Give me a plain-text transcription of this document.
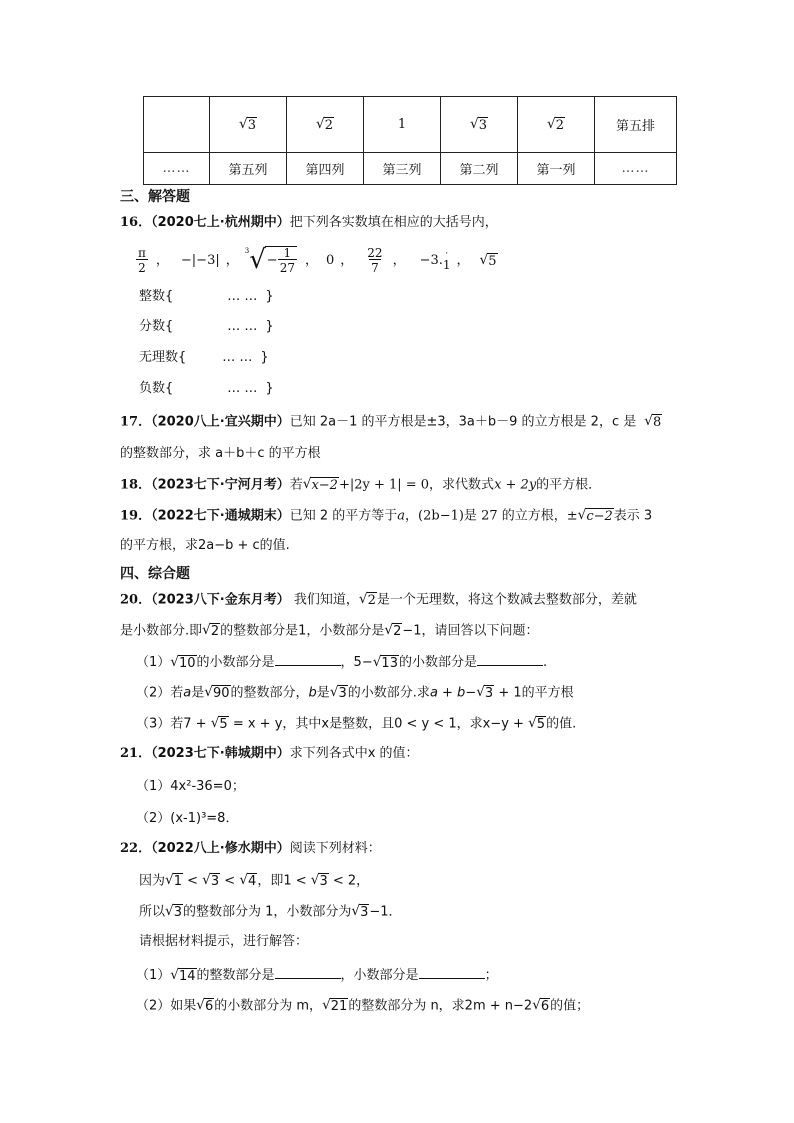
	√ 3	√ 2	1	√ 3	√ 2	第五排
……	第五列	第四列	第三列	第二列	第一列	……
三、解答题
16．（2020七上·杭州期中）把下列各实数填在相应的大括号内，
$\frac{\pi}{2}$ ， −|−3| ，
3 √ − $\frac{1}{27}$ ， 0 ， $\frac{22}{7}$ ， −3. ·
1 ， √ 5
整数{	… … }
分数{	… … }
无理数{	… … }
负数{	… … }
17．（2020八上·宜兴期中）已知 2a－1 的平方根是±3，3a＋b－9 的立方根是 2，c 是 √ 8
的整数部分，求 a＋b＋c 的平方根
18．（2023七下·宁河月考）若 √ x−2 +|2y + 1| = 0，求代数式x + 2y的平方根．
19．（2022七下·通城期末）已知 2 的平方等于a，(2b−1)是 27 的立方根，± √ c−2 表示 3
的平方根，求2a−b + c的值.
四、综合题
20．（2023八下·金东月考） 我们知道， √ 2 是一个无理数，将这个数减去整数部分，差就
是小数部分.即 √ 2 的整数部分是1，小数部分是 √ 2 −1，请回答以下问题：
（1） √ 10 的小数部分是	，5− √ 13 的小数部分是	.
（2）若a是 √ 90 的整数部分，b是 √ 3 的小数部分.求a + b− √ 3 + 1的平方根
（3）若7 + √ 5 = x + y，其中x是整数，且0 < y < 1，求x−y + √ 5 的值.
21．（2023七下·韩城期中）求下列各式中x 的值：
（1）4x²-36=0；
（2）(x-1)³=8．
22．（2022八上·修水期中）阅读下列材料：
因为 √ 1 < √ 3 < √ 4 ，即1 < √ 3 < 2，
所以 √ 3 的整数部分为 1，小数部分为 √ 3 −1．
请根据材料提示，进行解答：
（1） √ 14 的整数部分是	，小数部分是	；
（2）如果 √ 6 的小数部分为 m， √ 21 的整数部分为 n，求2m + n−2 √ 6 的值；
